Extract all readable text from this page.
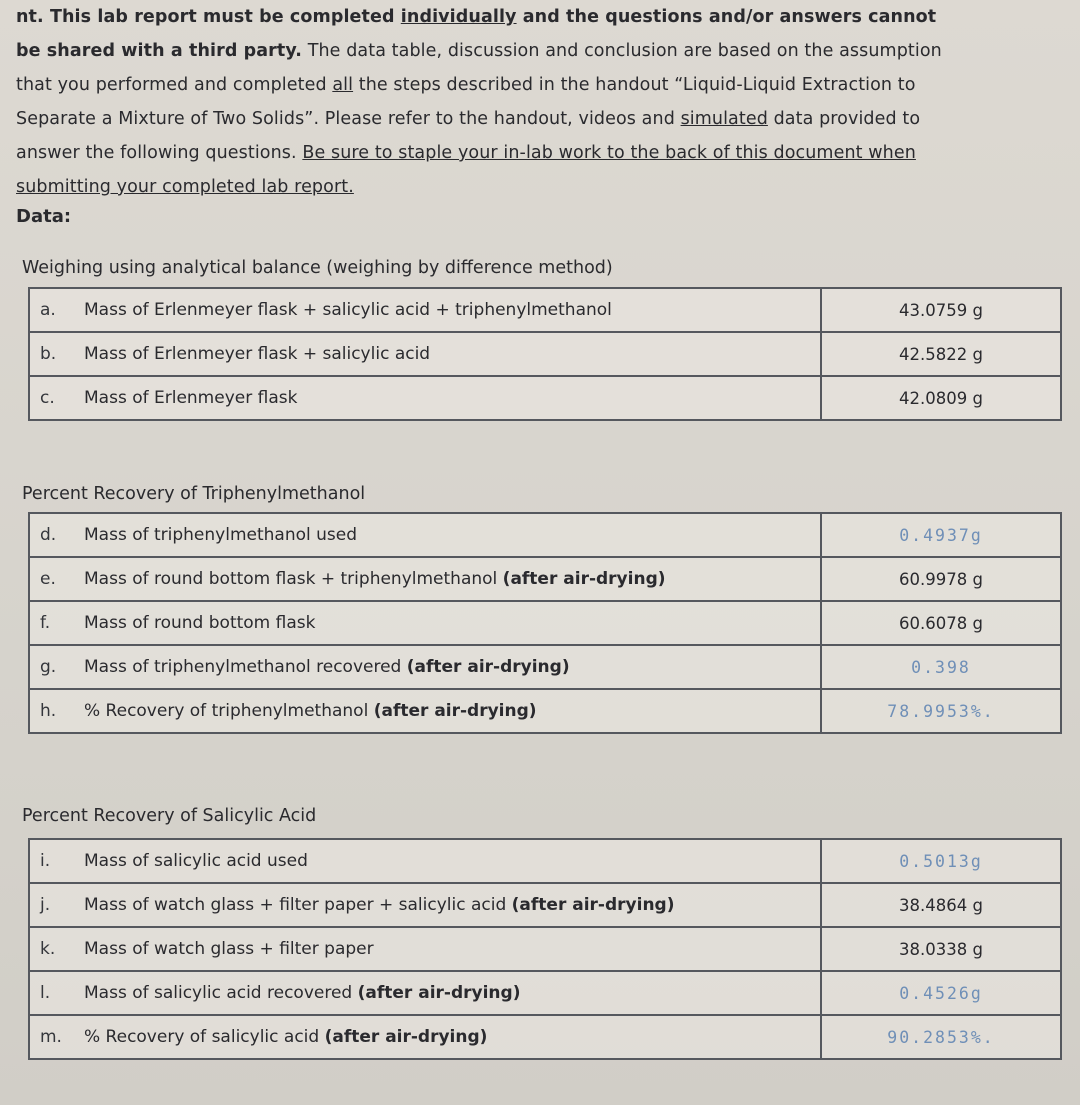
nt. This lab report must be completed individually and the questions and/or answers cannot

be shared with a third party. The data table, discussion and conclusion are based on the assumption

that you performed and completed all the steps described in the handout “Liquid-Liquid Extraction to

Separate a Mixture of Two Solids”. Please refer to the handout, videos and simulated data provided to

answer the following questions. Be sure to staple your in-lab work to the back of this document when

submitting your completed lab report.

Data:
Weighing using analytical balance (weighing by difference method)
a. Mass of Erlenmeyer flask + salicylic acid + triphenylmethanol	43.0759 g
b. Mass of Erlenmeyer flask + salicylic acid	42.5822 g
c. Mass of Erlenmeyer flask	42.0809 g
Percent Recovery of Triphenylmethanol
d. Mass of triphenylmethanol used	0.4937g
e. Mass of round bottom flask + triphenylmethanol (after air-drying)	60.9978 g
f. Mass of round bottom flask	60.6078 g
g. Mass of triphenylmethanol recovered (after air-drying)	0.398
h. % Recovery of triphenylmethanol (after air-drying)	78.9953%.
Percent Recovery of Salicylic Acid
i. Mass of salicylic acid used	0.5013g
j. Mass of watch glass + filter paper + salicylic acid (after air-drying)	38.4864 g
k. Mass of watch glass + filter paper	38.0338 g
l. Mass of salicylic acid recovered (after air-drying)	0.4526g
m. % Recovery of salicylic acid (after air-drying)	90.2853%.
